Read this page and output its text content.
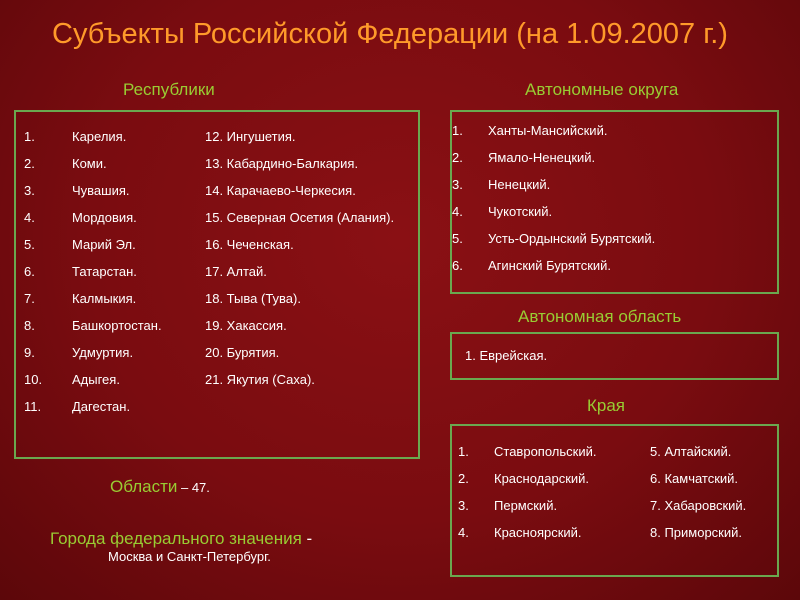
Субъекты Российской Федерации (на 1.09.2007 г.)
Республики
1.	Карелия.
2.	Коми.
3.	Чувашия.
4.	Мордовия.
5.	Марий Эл.
6.	Татарстан.
7.	Калмыкия.
8.	Башкортостан.
9.	Удмуртия.
10.	Адыгея.
11.	Дагестан.
12. Ингушетия.
13. Кабардино-Балкария.
14. Карачаево-Черкесия.
15. Северная Осетия (Алания).
16. Чеченская.
17. Алтай.
18. Тыва (Тува).
19. Хакассия.
20. Бурятия.
21. Якутия (Саха).
Автономные округа
1.	Ханты-Мансийский.
2.	Ямало-Ненецкий.
3.	Ненецкий.
4.	Чукотский.
5.	Усть-Ордынский Бурятский.
6.	Агинский Бурятский.
Автономная область
1. Еврейская.
Края
1.	Ставропольский.
2.	Краснодарский.
3.	Пермский.
4.	Красноярский.
5. Алтайский.
6. Камчатский.
7. Хабаровский.
8. Приморский.
Области – 47.
Города федерального значения -
Москва и Санкт-Петербург.
